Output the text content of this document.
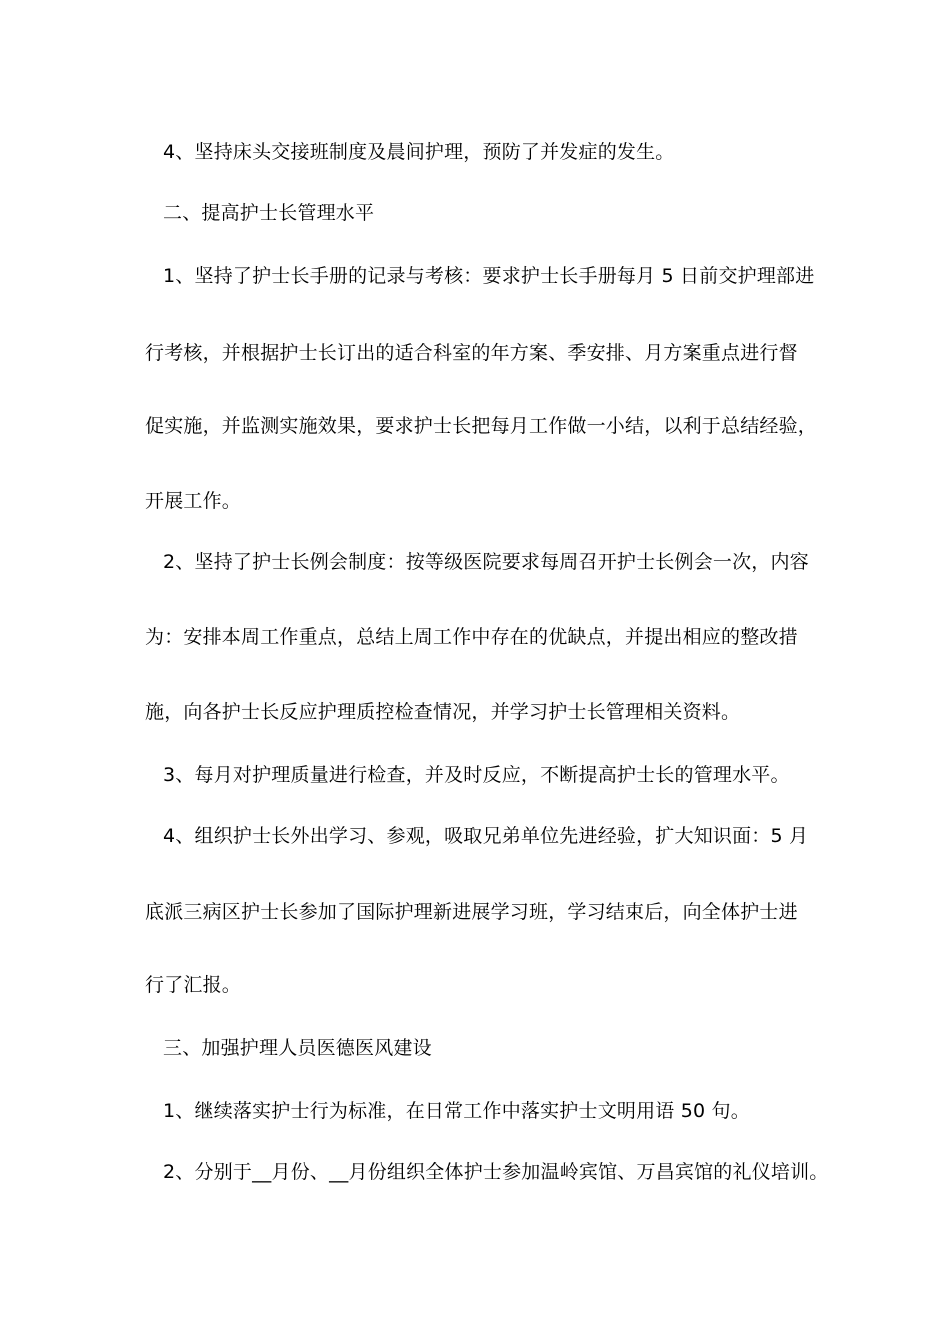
4、坚持床头交接班制度及晨间护理，预防了并发症的发生。
二、提高护士长管理水平
1、坚持了护士长手册的记录与考核：要求护士长手册每月 5 日前交护理部进
行考核，并根据护士长订出的适合科室的年方案、季安排、月方案重点进行督
促实施，并监测实施效果，要求护士长把每月工作做一小结，以利于总结经验，
开展工作。
2、坚持了护士长例会制度：按等级医院要求每周召开护士长例会一次，内容
为：安排本周工作重点，总结上周工作中存在的优缺点，并提出相应的整改措
施，向各护士长反应护理质控检查情况，并学习护士长管理相关资料。
3、每月对护理质量进行检查，并及时反应，不断提高护士长的管理水平。
4、组织护士长外出学习、参观，吸取兄弟单位先进经验，扩大知识面：5 月
底派三病区护士长参加了国际护理新进展学习班，学习结束后，向全体护士进
行了汇报。
三、加强护理人员医德医风建设
1、继续落实护士行为标准，在日常工作中落实护士文明用语 50 句。
2、分别于__月份、__月份组织全体护士参加温岭宾馆、万昌宾馆的礼仪培训。
